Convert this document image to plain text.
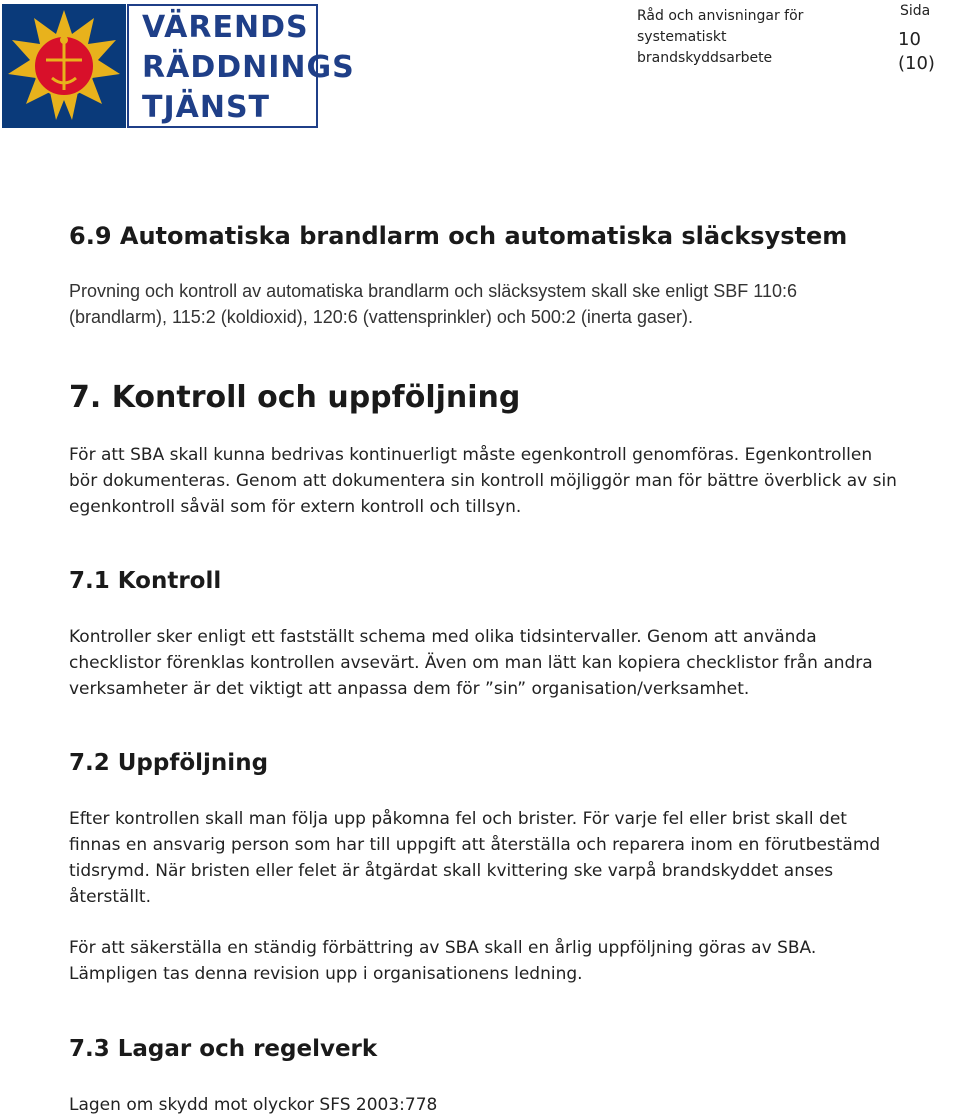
VÄRENDS
RÄDDNINGS
TJÄNST
Råd och anvisningar för
systematiskt brandskyddsarbete
Sida
10 (10)
6.9 Automatiska brandlarm och automatiska släcksystem

Provning och kontroll av automatiska brandlarm och släcksystem skall ske enligt SBF 110:6 (brandlarm), 115:2 (koldioxid), 120:6 (vattensprinkler) och 500:2 (inerta gaser).

7. Kontroll och uppföljning

För att SBA skall kunna bedrivas kontinuerligt måste egenkontroll genomföras. Egenkontrollen bör dokumenteras. Genom att dokumentera sin kontroll möjliggör man för bättre överblick av sin egenkontroll såväl som för extern kontroll och tillsyn.

7.1 Kontroll

Kontroller sker enligt ett fastställt schema med olika tidsintervaller. Genom att använda checklistor förenklas kontrollen avsevärt. Även om man lätt kan kopiera checklistor från andra verksamheter är det viktigt att anpassa dem för ”sin” organisation/verksamhet.

7.2 Uppföljning

Efter kontrollen skall man följa upp påkomna fel och brister. För varje fel eller brist skall det finnas en ansvarig person som har till uppgift att återställa och reparera inom en förutbestämd tidsrymd. När bristen eller felet är åtgärdat skall kvittering ske varpå brandskyddet anses återställt.

För att säkerställa en ständig förbättring av SBA skall en årlig uppföljning göras av SBA. Lämpligen tas denna revision upp i organisationens ledning.

7.3 Lagar och regelverk

Lagen om skydd mot olyckor SFS 2003:778
